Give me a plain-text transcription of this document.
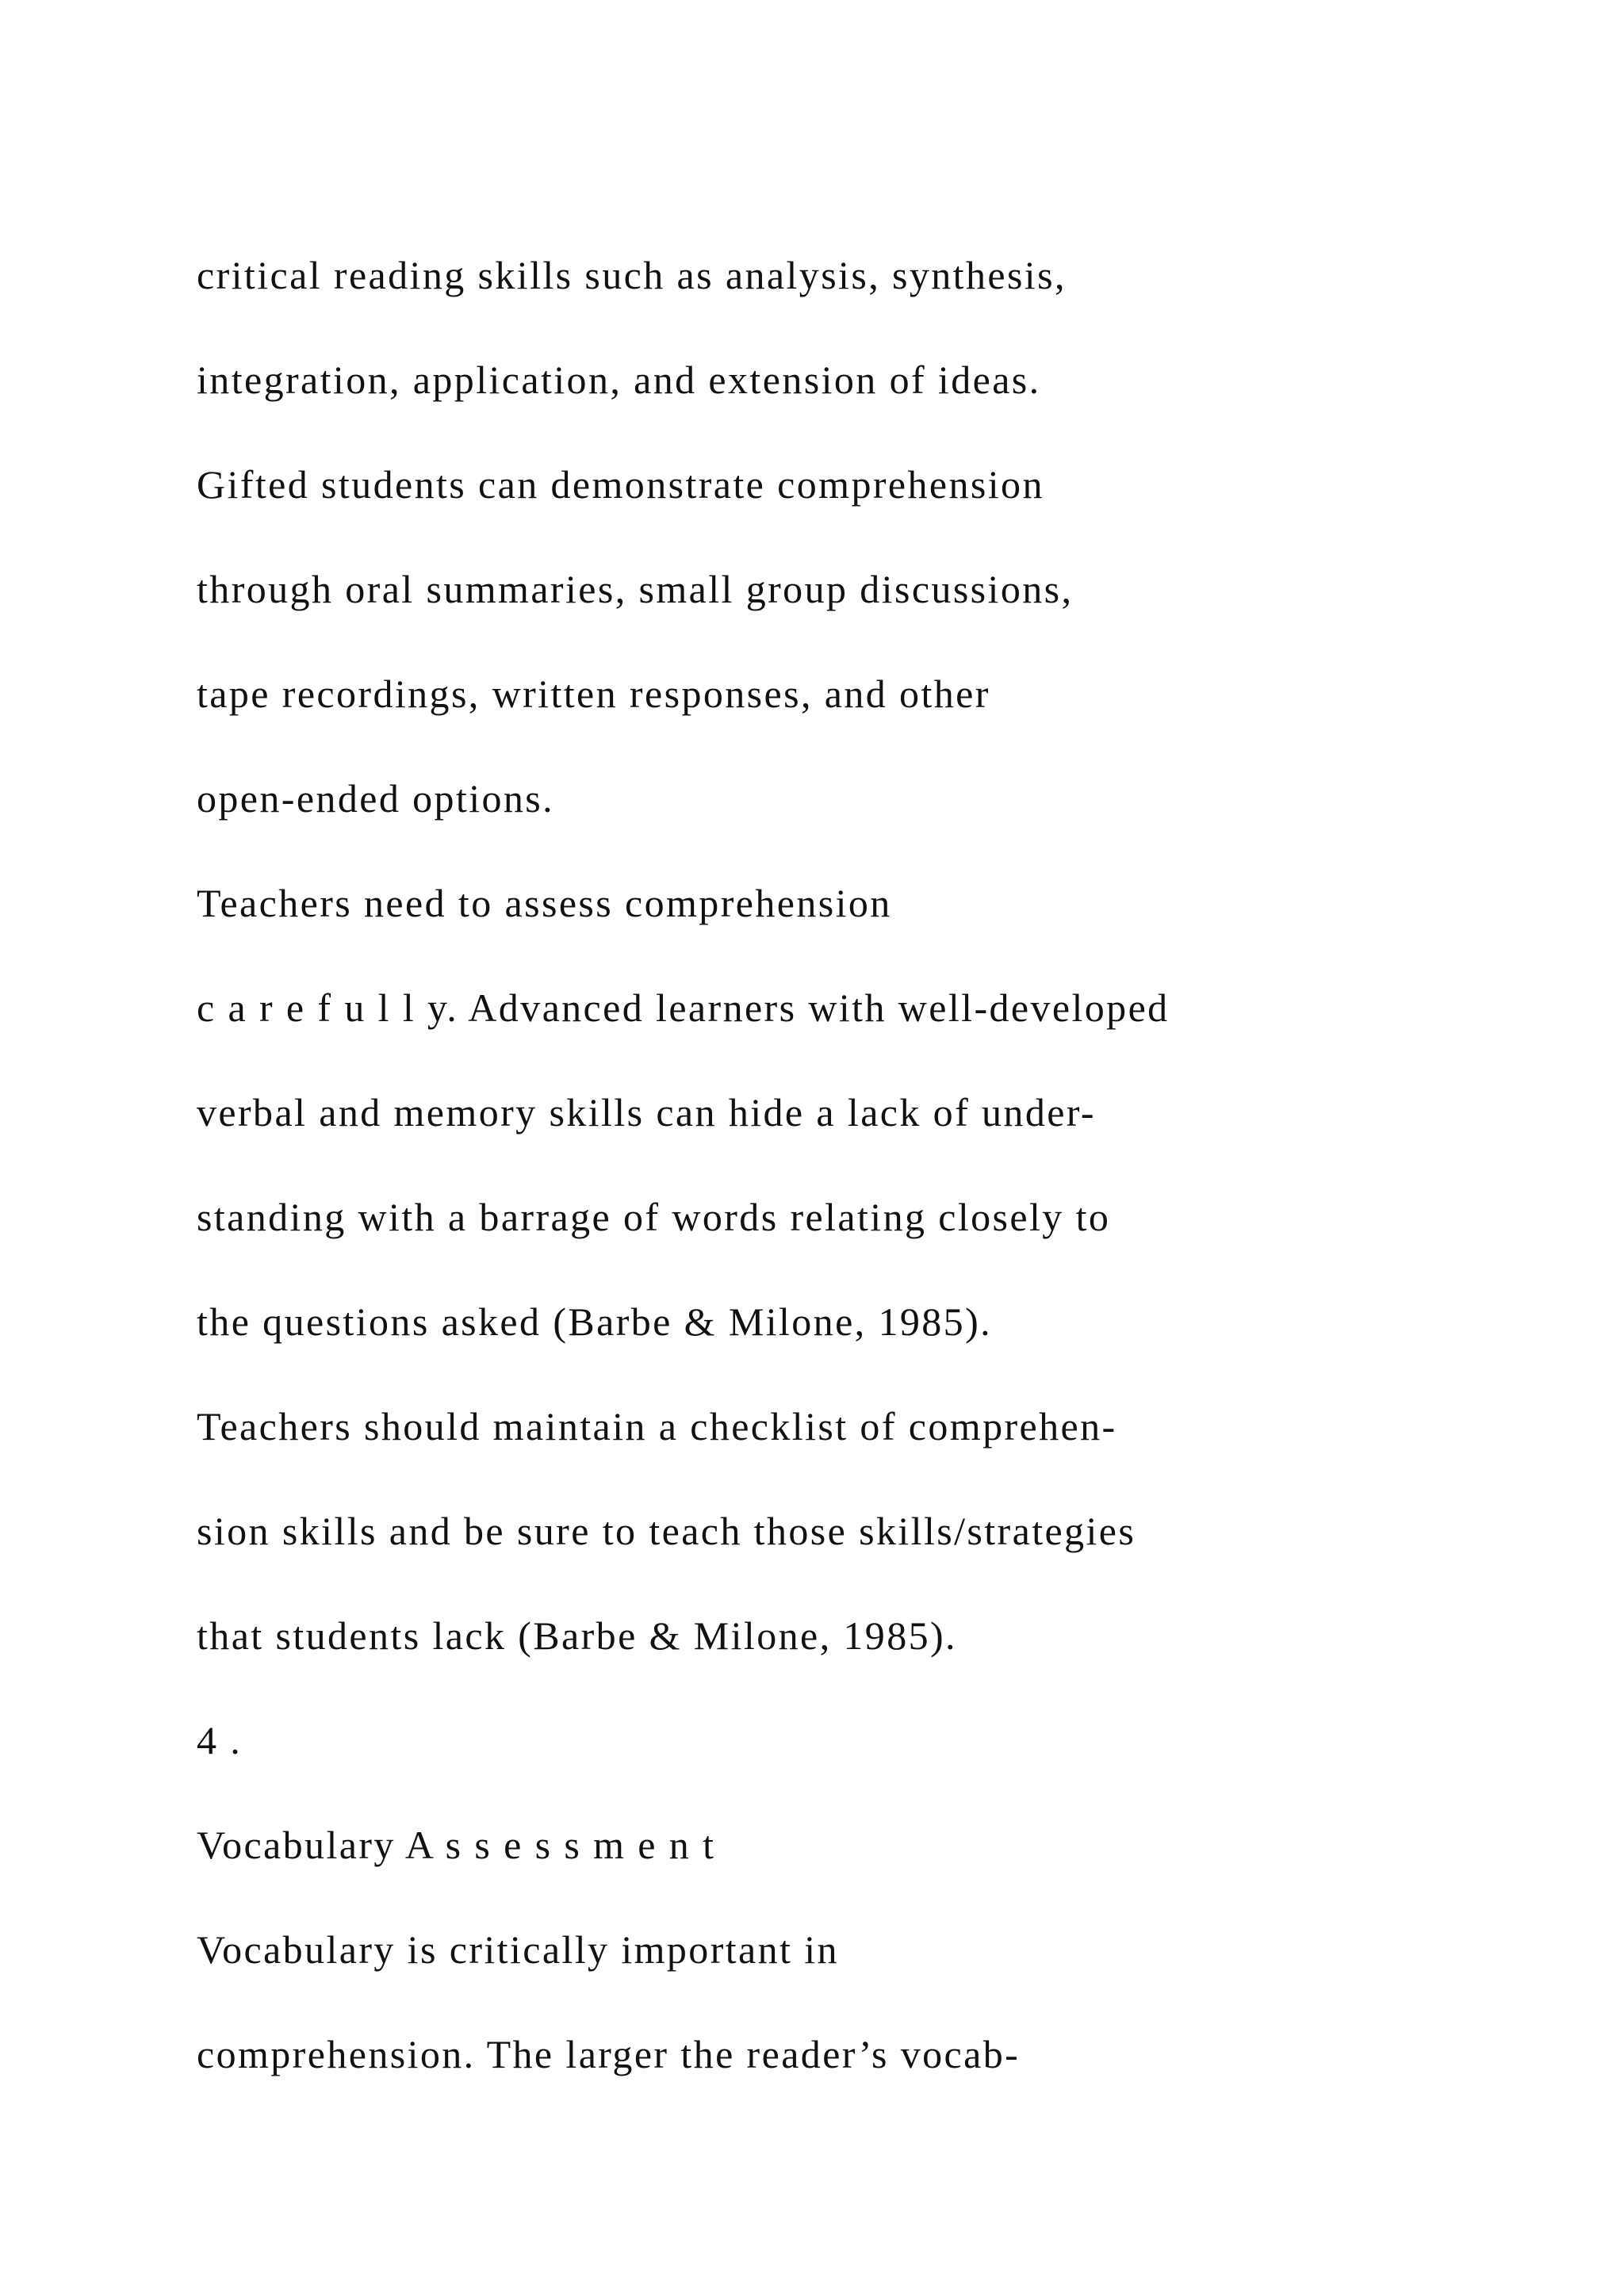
critical reading skills such as analysis, synthesis,

integration, application, and extension of ideas.

Gifted students can demonstrate comprehension

through oral summaries, small group discussions,

tape recordings, written responses, and other

open-ended options.

Teachers need to assess comprehension

c a r e f u l l y. Advanced learners with well-developed

verbal and memory skills can hide a lack of under-

standing with a barrage of words relating closely to

the questions asked (Barbe & Milone, 1985).

Teachers should maintain a checklist of comprehen-

sion skills and be sure to teach those skills/strategies

that students lack (Barbe & Milone, 1985).

4 .

Vocabulary A s s e s s m e n t

Vocabulary is critically important in

comprehension. The larger the reader’s vocab-
